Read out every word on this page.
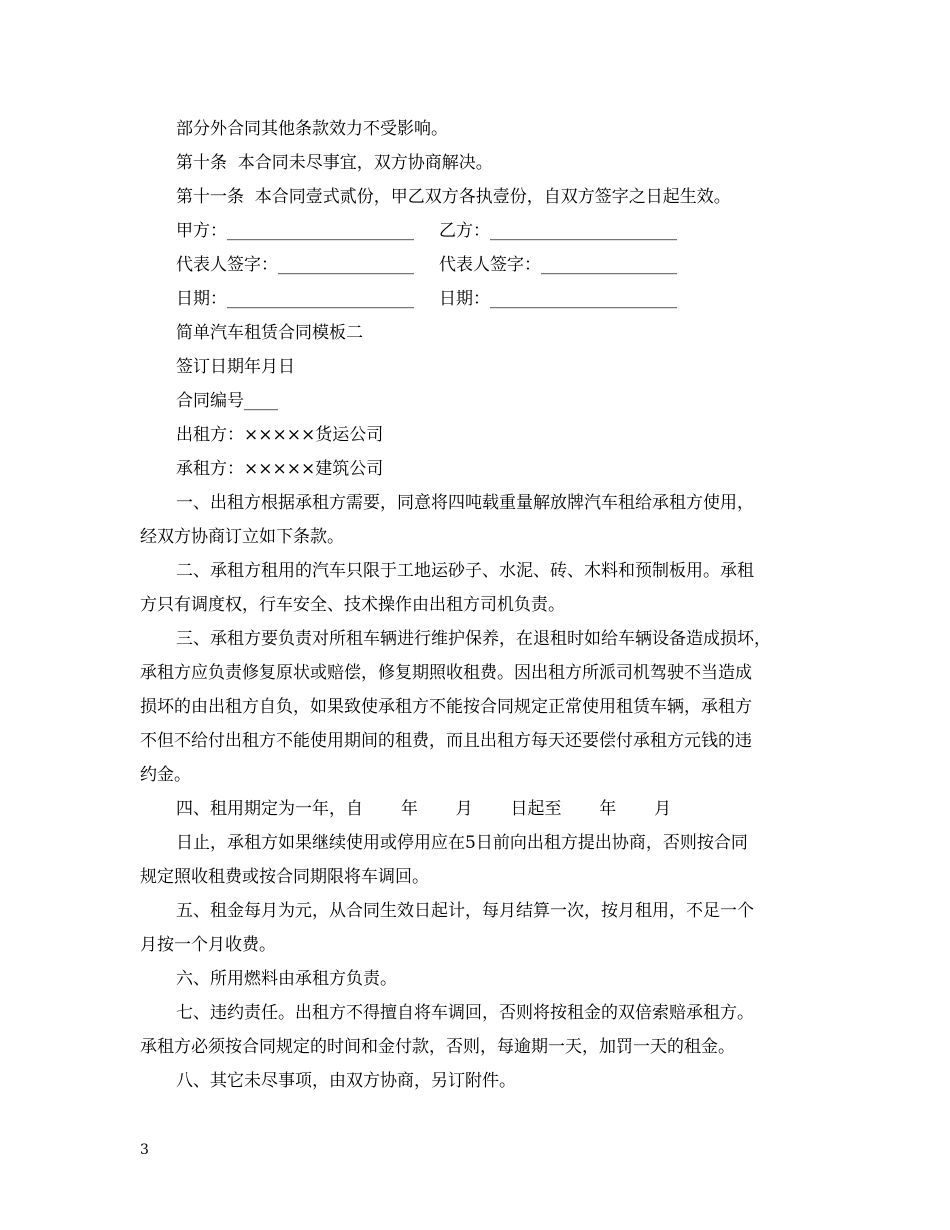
部分外合同其他条款效力不受影响。
第十条  本合同未尽事宜，双方协商解决。
第十一条  本合同壹式贰份，甲乙双方各执壹份，自双方签字之日起生效。

甲方：______________________

乙方：______________________

代表人签字：________________

代表人签字：________________

日期：______________________

日期：______________________

简单汽车租赁合同模板二
签订日期年月日
合同编号____
出租方：×××××货运公司
承租方：×××××建筑公司
一、出租方根据承租方需要，同意将四吨载重量解放牌汽车租给承租方使用，
经双方协商订立如下条款。
二、承租方租用的汽车只限于工地运砂子、水泥、砖、木料和预制板用。承租
方只有调度权，行车安全、技术操作由出租方司机负责。
三、承租方要负责对所租车辆进行维护保养，在退租时如给车辆设备造成损坏，
承租方应负责修复原状或赔偿，修复期照收租费。因出租方所派司机驾驶不当造成
损坏的由出租方自负，如果致使承租方不能按合同规定正常使用租赁车辆，承租方
不但不给付出租方不能使用期间的租费，而且出租方每天还要偿付承租方元钱的违
约金。
四、租用期定为一年，自       年       月       日起至       年       月
日止，承租方如果继续使用或停用应在5日前向出租方提出协商，否则按合同
规定照收租费或按合同期限将车调回。
五、租金每月为元，从合同生效日起计，每月结算一次，按月租用，不足一个
月按一个月收费。
六、所用燃料由承租方负责。
七、违约责任。出租方不得擅自将车调回，否则将按租金的双倍索赔承租方。
承租方必须按合同规定的时间和金付款，否则，每逾期一天，加罚一天的租金。
八、其它未尽事项，由双方协商，另订附件。
3
